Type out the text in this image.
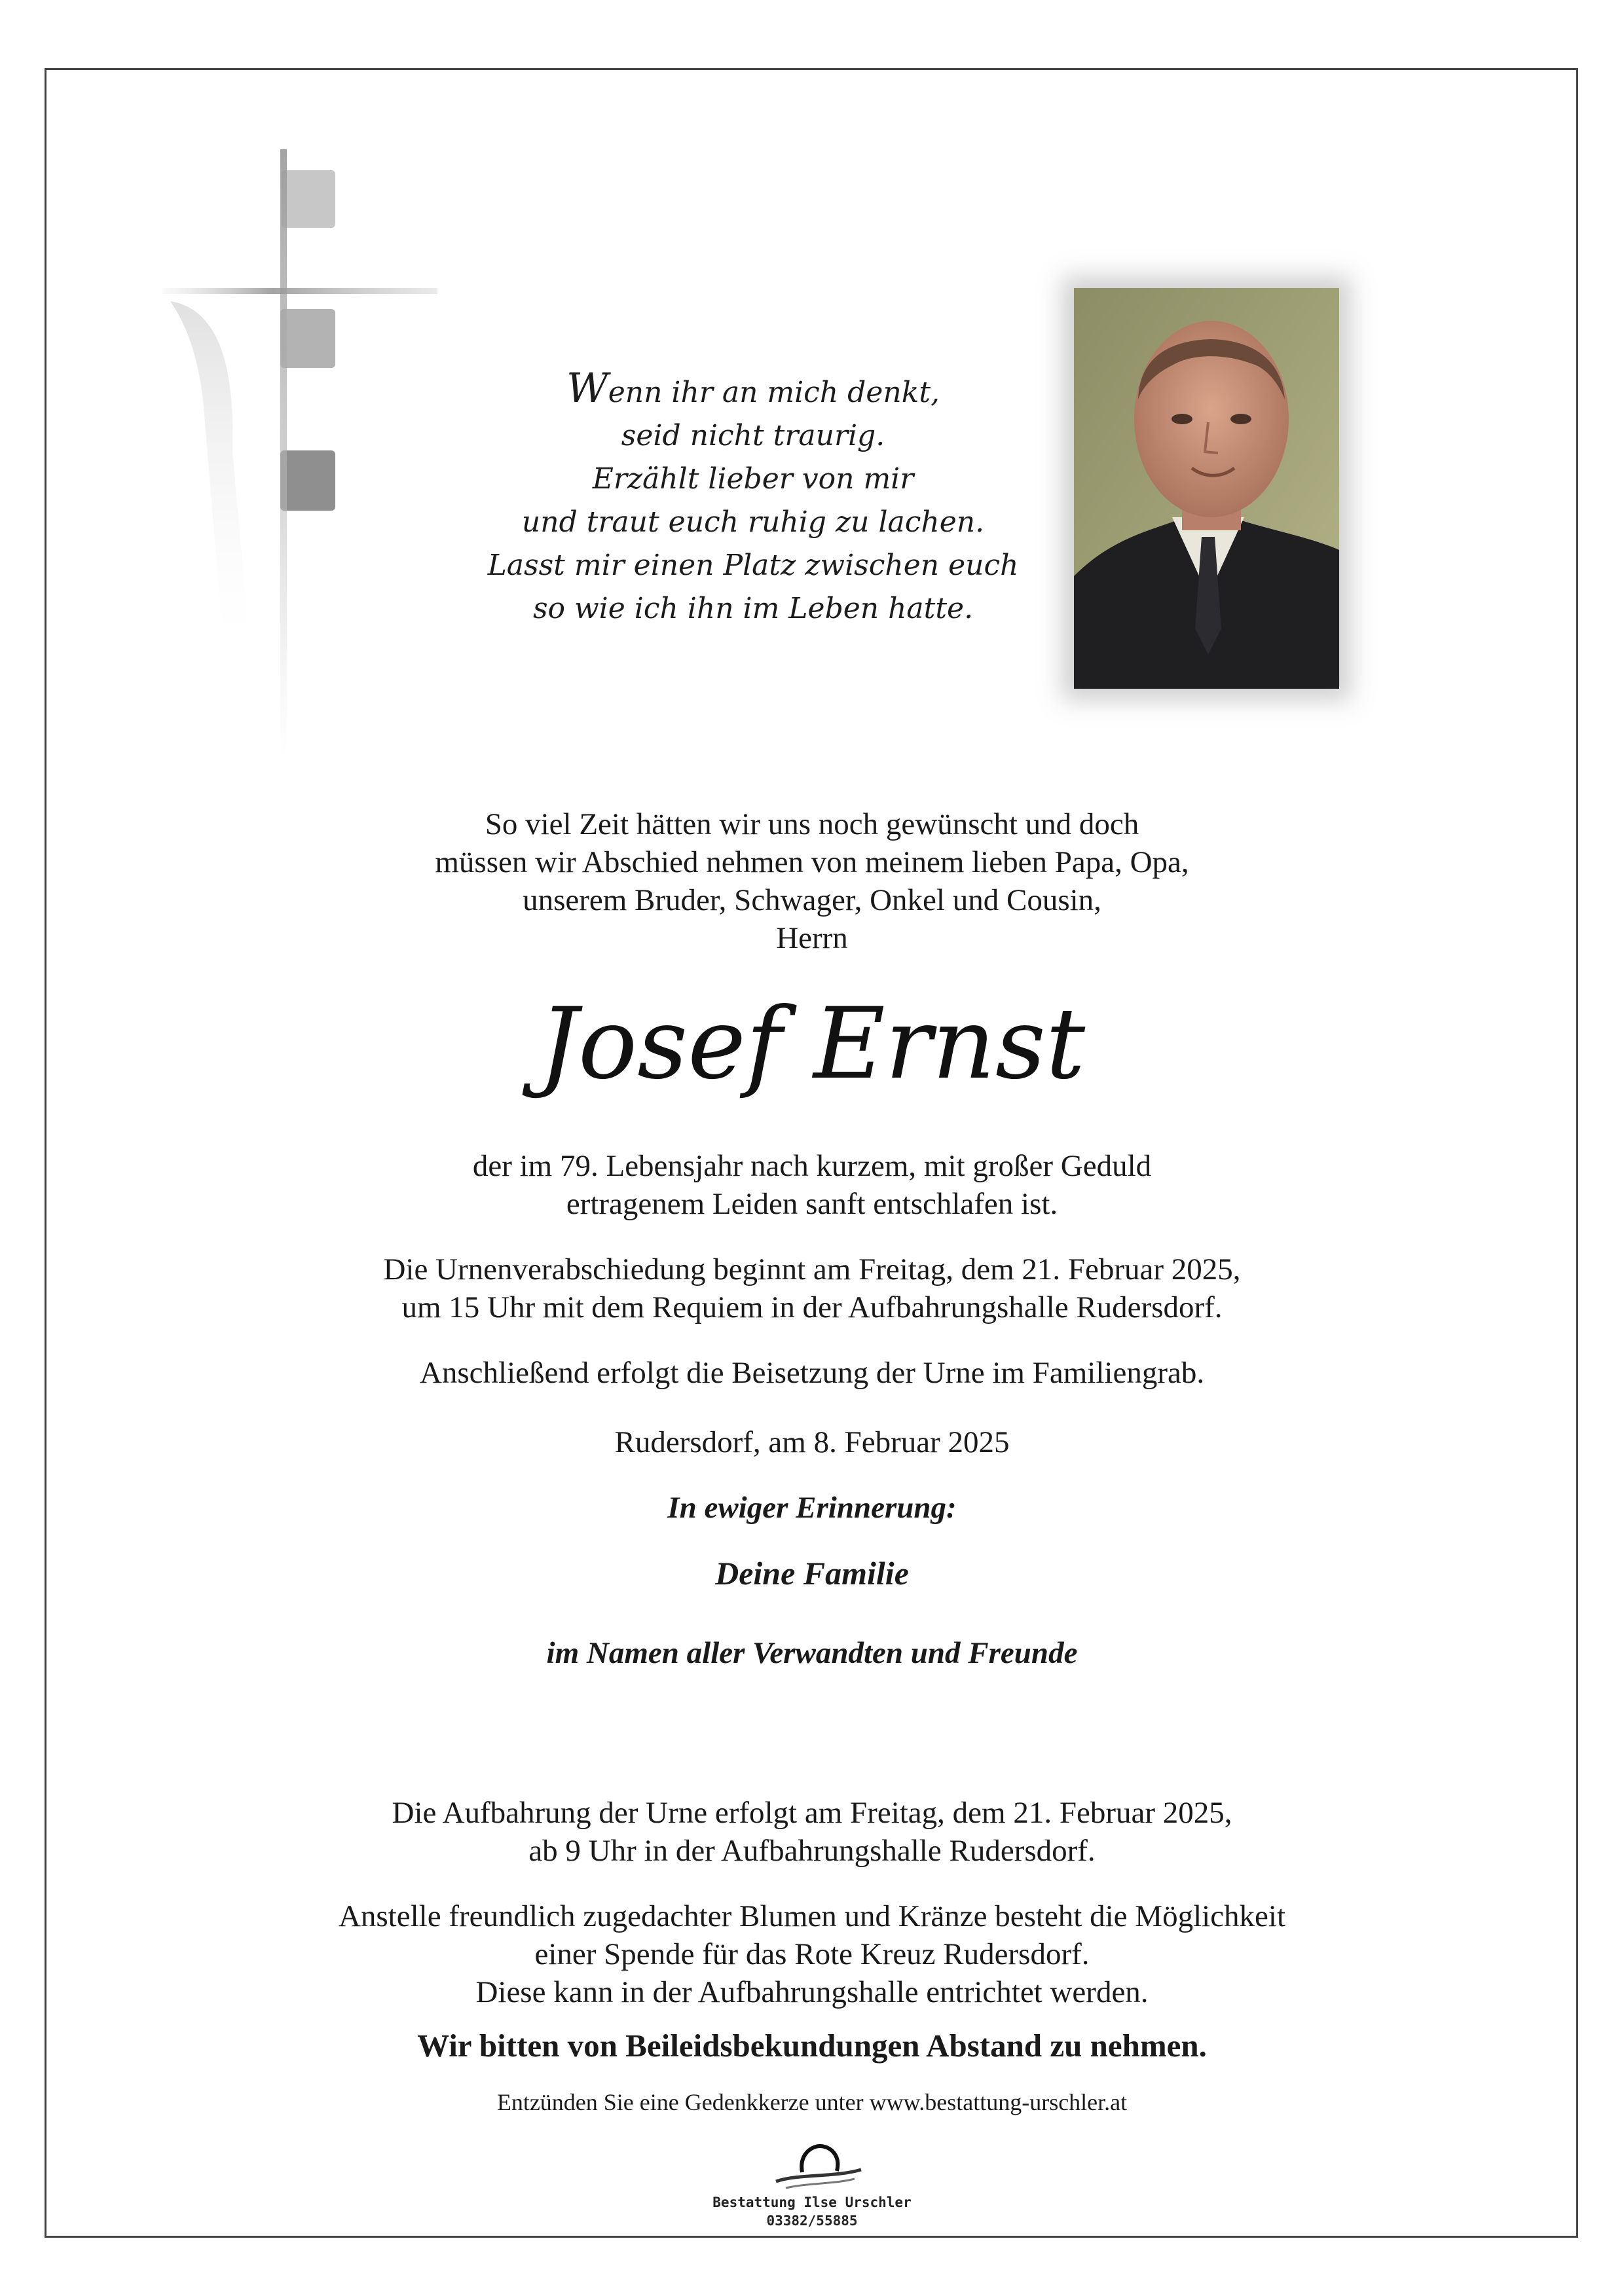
Wenn ihr an mich denkt,
seid nicht traurig.
Erzählt lieber von mir
und traut euch ruhig zu lachen.
Lasst mir einen Platz zwischen euch
so wie ich ihn im Leben hatte.
So viel Zeit hätten wir uns noch gewünscht und doch
müssen wir Abschied nehmen von meinem lieben Papa, Opa,
unserem Bruder, Schwager, Onkel und Cousin,
Herrn
Josef Ernst
der im 79. Lebensjahr nach kurzem, mit großer Geduld
ertragenem Leiden sanft entschlafen ist.
Die Urnenverabschiedung beginnt am Freitag, dem 21. Februar 2025,
um 15 Uhr mit dem Requiem in der Aufbahrungshalle Rudersdorf.
Anschließend erfolgt die Beisetzung der Urne im Familiengrab.
Rudersdorf, am 8. Februar 2025
In ewiger Erinnerung:
Deine Familie
im Namen aller Verwandten und Freunde
Die Aufbahrung der Urne erfolgt am Freitag, dem 21. Februar 2025,
ab 9 Uhr in der Aufbahrungshalle Rudersdorf.
Anstelle freundlich zugedachter Blumen und Kränze besteht die Möglichkeit
einer Spende für das Rote Kreuz Rudersdorf.
Diese kann in der Aufbahrungshalle entrichtet werden.
Wir bitten von Beileidsbekundungen Abstand zu nehmen.
Entzünden Sie eine Gedenkkerze unter www.bestattung-urschler.at
Bestattung Ilse Urschler
03382/55885
